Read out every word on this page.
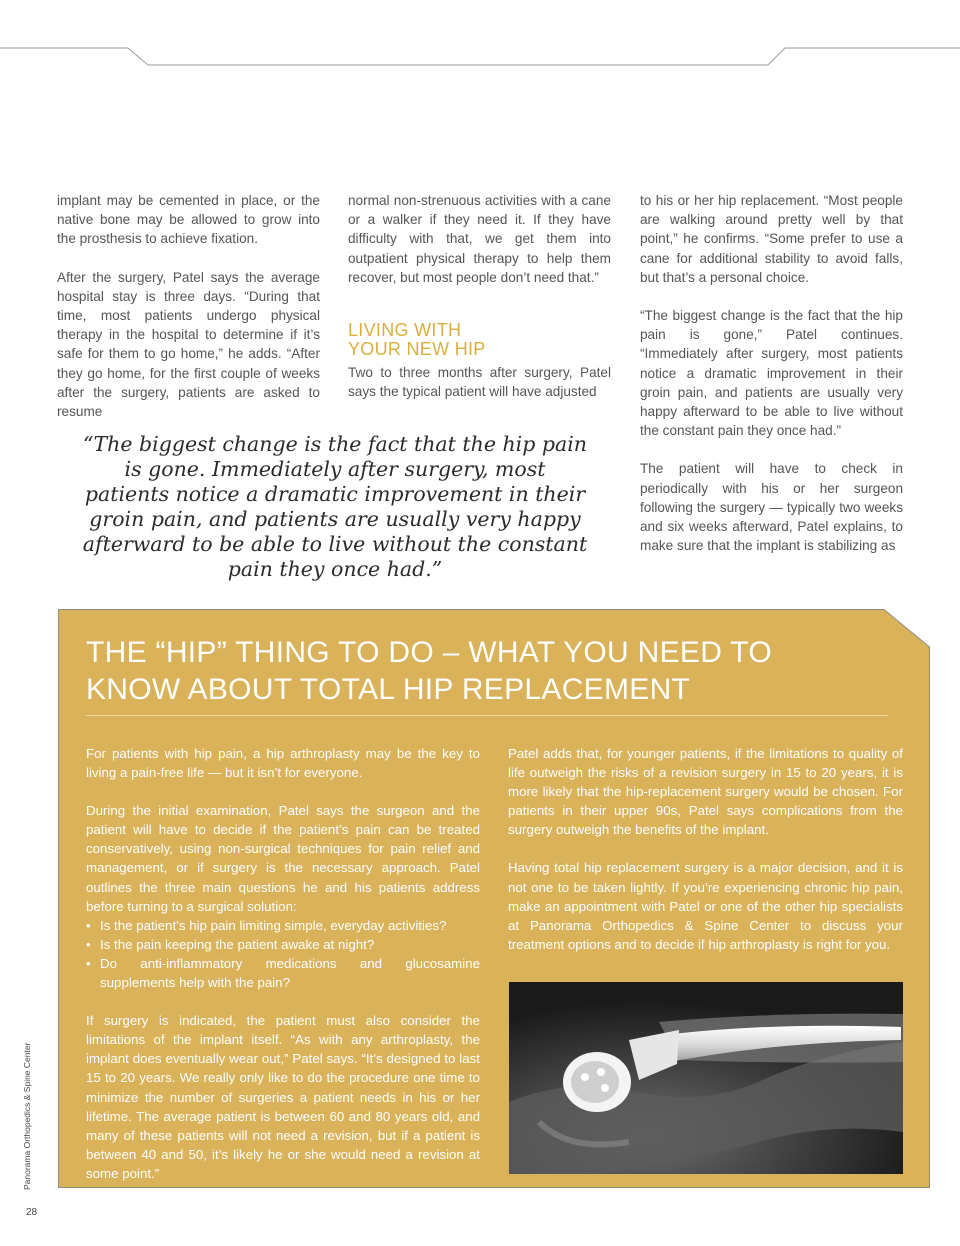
implant may be cemented in place, or the native bone may be allowed to grow into the prosthesis to achieve fixation.

After the surgery, Patel says the average hospital stay is three days. “During that time, most patients undergo physical therapy in the hospital to determine if it’s safe for them to go home,” he adds. “After they go home, for the first couple of weeks after the surgery, patients are asked to resume

normal non-strenuous activities with a cane or a walker if they need it. If they have difficulty with that, we get them into outpatient physical therapy to help them recover, but most people don’t need that.”

LIVING WITH
YOUR NEW HIP

Two to three months after surgery, Patel says the typical patient will have adjusted

to his or her hip replacement. “Most people are walking around pretty well by that point,” he confirms. “Some prefer to use a cane for additional stability to avoid falls, but that’s a personal choice.

“The biggest change is the fact that the hip pain is gone,” Patel continues. “Immediately after surgery, most patients notice a dramatic improvement in their groin pain, and patients are usually very happy afterward to be able to live without the constant pain they once had.”

The patient will have to check in periodically with his or her surgeon following the surgery — typically two weeks and six weeks afterward, Patel explains, to make sure that the implant is stabilizing as

“The biggest change is the fact that the hip pain is gone. Immediately after surgery, most patients notice a dramatic improvement in their groin pain, and patients are usually very happy afterward to be able to live without the constant pain they once had.”
THE “HIP” THING TO DO – WHAT YOU NEED TO
KNOW ABOUT TOTAL HIP REPLACEMENT

For patients with hip pain, a hip arthroplasty may be the key to living a pain-free life — but it isn’t for everyone.

During the initial examination, Patel says the surgeon and the patient will have to decide if the patient’s pain can be treated conservatively, using non-surgical techniques for pain relief and management, or if surgery is the necessary approach. Patel outlines the three main questions he and his patients address before turning to a surgical solution:

• Is the patient’s hip pain limiting simple, everyday activities?
• Is the pain keeping the patient awake at night?
• Do anti-inflammatory medications and glucosamine supplements help with the pain?

If surgery is indicated, the patient must also consider the limitations of the implant itself. “As with any arthroplasty, the implant does eventually wear out,” Patel says. “It’s designed to last 15 to 20 years. We really only like to do the procedure one time to minimize the number of surgeries a patient needs in his or her lifetime. The average patient is between 60 and 80 years old, and many of these patients will not need a revision, but if a patient is between 40 and 50, it’s likely he or she would need a revision at some point.”

Patel adds that, for younger patients, if the limitations to quality of life outweigh the risks of a revision surgery in 15 to 20 years, it is more likely that the hip-replacement surgery would be chosen. For patients in their upper 90s, Patel says complications from the surgery outweigh the benefits of the implant.

Having total hip replacement surgery is a major decision, and it is not one to be taken lightly. If you’re experiencing chronic hip pain, make an appointment with Patel or one of the other hip specialists at Panorama Orthopedics & Spine Center to discuss your treatment options and to decide if hip arthroplasty is right for you.

Panorama Orthopedics & Spine Center
28
